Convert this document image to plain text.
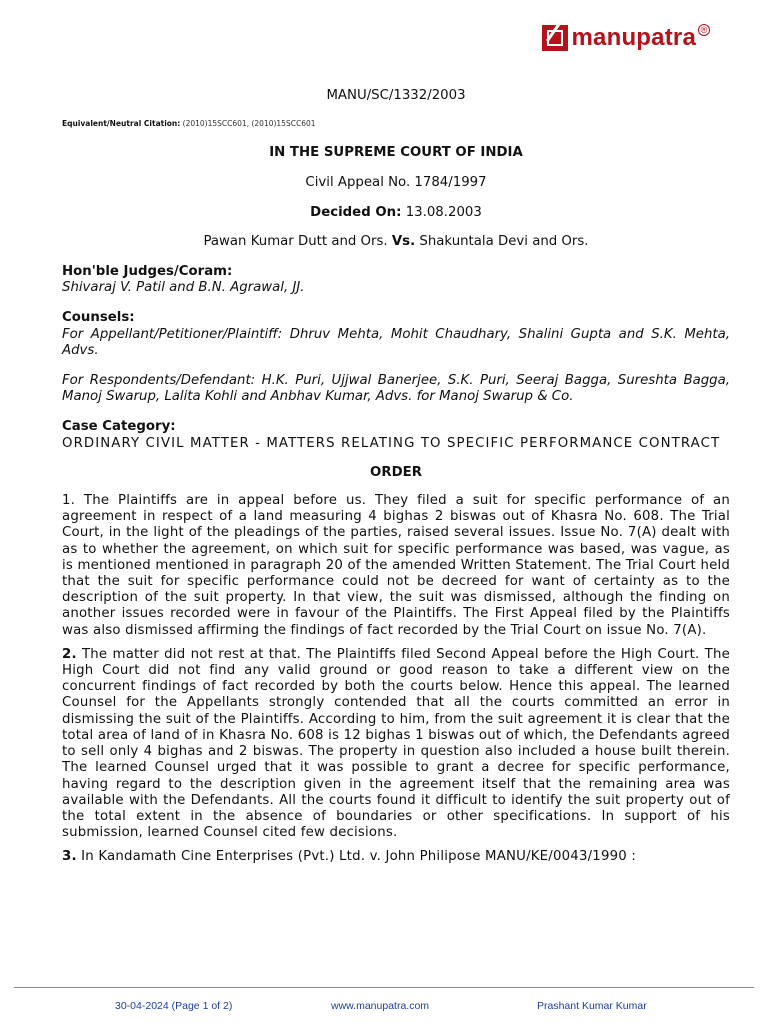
manupatra ®
MANU/SC/1332/2003
Equivalent/Neutral Citation: (2010)15SCC601, (2010)15SCC601
IN THE SUPREME COURT OF INDIA
Civil Appeal No. 1784/1997
Decided On: 13.08.2003
Pawan Kumar Dutt and Ors. Vs. Shakuntala Devi and Ors.
Hon'ble Judges/Coram:
Shivaraj V. Patil and B.N. Agrawal, JJ.
Counsels:
For Appellant/Petitioner/Plaintiff: Dhruv Mehta, Mohit Chaudhary, Shalini Gupta and S.K. Mehta, Advs.
For Respondents/Defendant: H.K. Puri, Ujjwal Banerjee, S.K. Puri, Seeraj Bagga, Sureshta Bagga, Manoj Swarup, Lalita Kohli and Anbhav Kumar, Advs. for Manoj Swarup & Co.
Case Category:
ORDINARY CIVIL MATTER - MATTERS RELATING TO SPECIFIC PERFORMANCE CONTRACT
ORDER

1. The Plaintiffs are in appeal before us. They filed a suit for specific performance of an agreement in respect of a land measuring 4 bighas 2 biswas out of Khasra No. 608. The Trial Court, in the light of the pleadings of the parties, raised several issues. Issue No. 7(A) dealt with as to whether the agreement, on which suit for specific performance was based, was vague, as is mentioned mentioned in paragraph 20 of the amended Written Statement. The Trial Court held that the suit for specific performance could not be decreed for want of certainty as to the description of the suit property. In that view, the suit was dismissed, although the finding on another issues recorded were in favour of the Plaintiffs. The First Appeal filed by the Plaintiffs was also dismissed affirming the findings of fact recorded by the Trial Court on issue No. 7(A).

2. The matter did not rest at that. The Plaintiffs filed Second Appeal before the High Court. The High Court did not find any valid ground or good reason to take a different view on the concurrent findings of fact recorded by both the courts below. Hence this appeal. The learned Counsel for the Appellants strongly contended that all the courts committed an error in dismissing the suit of the Plaintiffs. According to him, from the suit agreement it is clear that the total area of land of in Khasra No. 608 is 12 bighas 1 biswas out of which, the Defendants agreed to sell only 4 bighas and 2 biswas. The property in question also included a house built therein. The learned Counsel urged that it was possible to grant a decree for specific performance, having regard to the description given in the agreement itself that the remaining area was available with the Defendants. All the courts found it difficult to identify the suit property out of the total extent in the absence of boundaries or other specifications. In support of his submission, learned Counsel cited few decisions.

3. In Kandamath Cine Enterprises (Pvt.) Ltd. v. John Philipose MANU/KE/0043/1990 :

30-04-2024 (Page 1 of 2)	www.manupatra.com	Prashant Kumar Kumar
